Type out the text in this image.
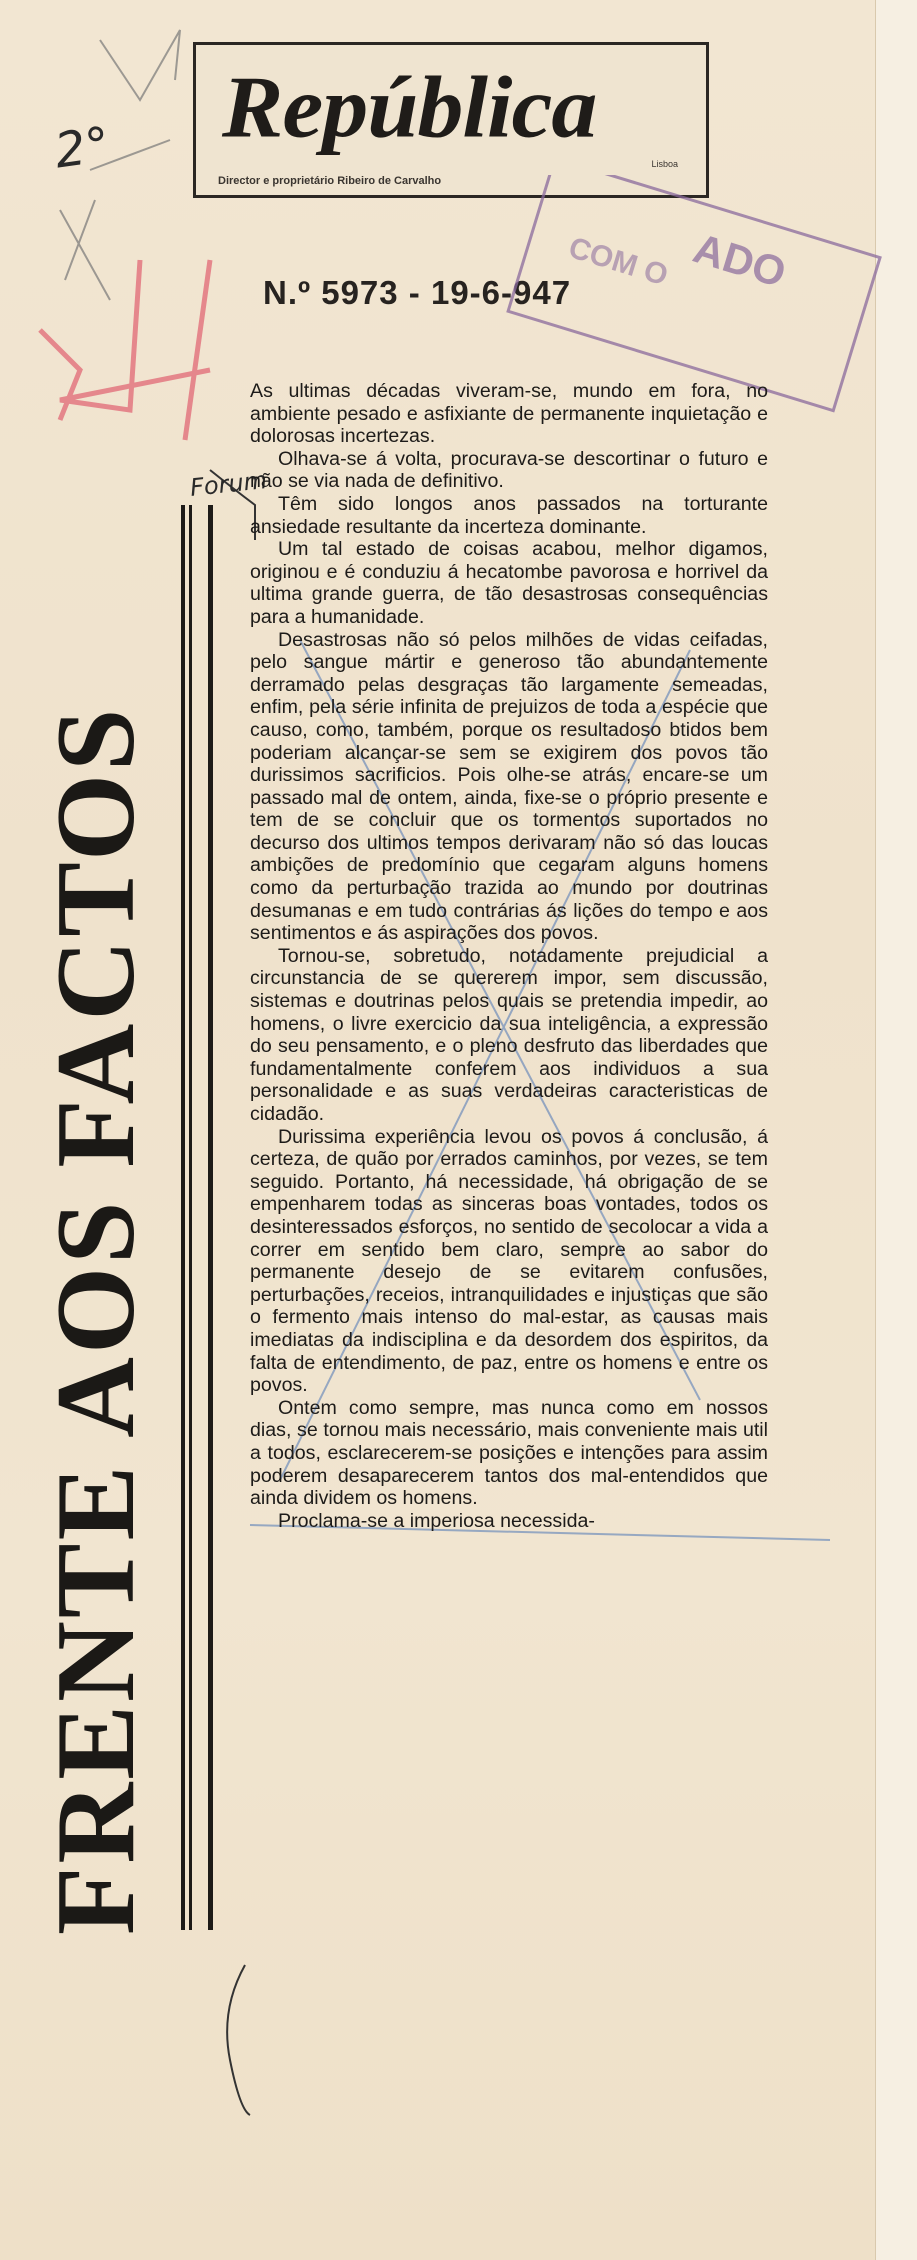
República
Lisboa
Director e proprietário Ribeiro de Carvalho
N.º 5973 - 19-6-947	ADO
COM O
2°
Forum
FRENTE AOS FACTOS

As ultimas décadas viveram-se, mundo em fora, no ambiente pesado e asfixiante de permanente inquietação e dolorosas incertezas.

Olhava-se á volta, procurava-se descortinar o futuro e não se via nada de definitivo.

Têm sido longos anos passados na torturante ansiedade resultante da incerteza dominante.

Um tal estado de coisas acabou, melhor digamos, originou e é conduziu á hecatombe pavorosa e horrivel da ultima grande guerra, de tão desastrosas consequências para a humanidade.

Desastrosas não só pelos milhões de vidas ceifadas, pelo sangue mártir e generoso tão abundantemente derramado pelas desgraças tão largamente semeadas, enfim, pela série infinita de prejuizos de toda a espécie que causo, como, também, porque os resultadoso btidos bem poderiam alcançar-se sem se exigirem dos povos tão durissimos sacrificios. Pois olhe-se atrás, encare-se um passado mal de ontem, ainda, fixe-se o próprio presente e tem de se concluir que os tormentos suportados no decurso dos ultimos tempos derivaram não só das loucas ambições de predomínio que cegaram alguns homens como da perturbação trazida ao mundo por doutrinas desumanas e em tudo contrárias ás lições do tempo e aos sentimentos e ás aspirações dos povos.

Tornou-se, sobretudo, notadamente prejudicial a circunstancia de se quererem impor, sem discussão, sistemas e doutrinas pelos quais se pretendia impedir, ao homens, o livre exercicio da sua inteligência, a expressão do seu pensamento, e o pleno desfruto das liberdades que fundamentalmente conferem aos individuos a sua personalidade e as suas verdadeiras caracteristicas de cidadão.

Durissima experiência levou os povos á conclusão, á certeza, de quão por errados caminhos, por vezes, se tem seguido. Portanto, há necessidade, há obrigação de se empenharem todas as sinceras boas vontades, todos os desinteressados esforços, no sentido de secolocar a vida a correr em sentido bem claro, sempre ao sabor do permanente desejo de se evitarem confusões, perturbações, receios, intranquilidades e injustiças que são o fermento mais intenso do mal-estar, as causas mais imediatas da indisciplina e da desordem dos espiritos, da falta de entendimento, de paz, entre os homens e entre os povos.

Ontem como sempre, mas nunca como em nossos dias, se tornou mais necessário, mais conveniente mais util a todos, esclarecerem-se posições e intenções para assim poderem desaparecerem tantos dos mal-entendidos que ainda dividem os homens.

Proclama-se a imperiosa necessida-
